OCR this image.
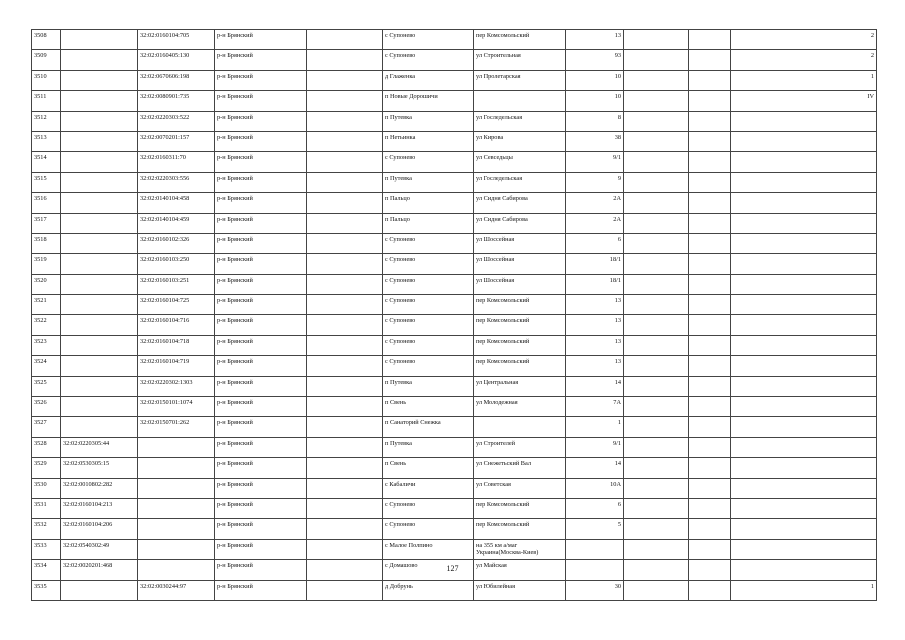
3508		32:02:0160104:705	р-н Брянский		с Супонево	пер Комсомольский	13			2
3509		32:02:0160405:130	р-н Брянский		с Супонево	ул Строительная	93			2
3510		32:02:0670606:198	р-н Брянский		д Глаженка	ул Пролетарская	10			1
3511		32:02:0080901:735	р-н Брянский		п Новые Дорошичи		10			IV
3512		32:02:0220303:522	р-н Брянский		п Путевка	ул Госледельская	8			
3513		32:02:0070201:157	р-н Брянский		п Нетьинка	ул Кирова	38			
3514		32:02:0160311:70	р-н Брянский		с Супонево	ул Севседьцы	9/1			
3515		32:02:0220303:556	р-н Брянский		п Путевка	ул Госледельская	9			
3516		32:02:0140104:458	р-н Брянский		п Пальцо	ул Сидня Сабирова	2А			
3517		32:02:0140104:459	р-н Брянский		п Пальцо	ул Сидня Сабирова	2А			
3518		32:02:0160102:326	р-н Брянский		с Супонево	ул Шоссейная	6			
3519		32:02:0160103:250	р-н Брянский		с Супонево	ул Шоссейная	18/1			
3520		32:02:0160103:251	р-н Брянский		с Супонево	ул Шоссейная	18/1			
3521		32:02:0160104:725	р-н Брянский		с Супонево	пер Комсомольский	13			
3522		32:02:0160104:716	р-н Брянский		с Супонево	пер Комсомольский	13			
3523		32:02:0160104:718	р-н Брянский		с Супонево	пер Комсомольский	13			
3524		32:02:0160104:719	р-н Брянский		с Супонево	пер Комсомольский	13			
3525		32:02:0220302:1303	р-н Брянский		п Путевка	ул Центральная	14			
3526		32:02:0150101:1074	р-н Брянский		п Свень	ул Молодежная	7А			
3527		32:02:0150701:262	р-н Брянский		п Санаторий Снежка		1			
3528	32:02:0220305:44		р-н Брянский		п Путевка	ул Строителей	9/1			
3529	32:02:0530305:15		р-н Брянский		п Свень	ул Снежетьский Вал	14			
3530	32:02:0010802:282		р-н Брянский		с Кабаличи	ул Советская	10А			
3531	32:02:0160104:213		р-н Брянский		с Супонево	пер Комсомольский	6			
3532	32:02:0160104:206		р-н Брянский		с Супонево	пер Комсомольский	5			
3533	32:02:0540302:49		р-н Брянский		с Малое Полпино	на 355 км а/маг Украина(Москва-Киев)				
3534	32:02:0020201:468		р-н Брянский		с Домашово	ул Майская				
3535		32:02:0030244:97	р-н Брянский		д Добрунь	ул Юбилейная	30			1
127
